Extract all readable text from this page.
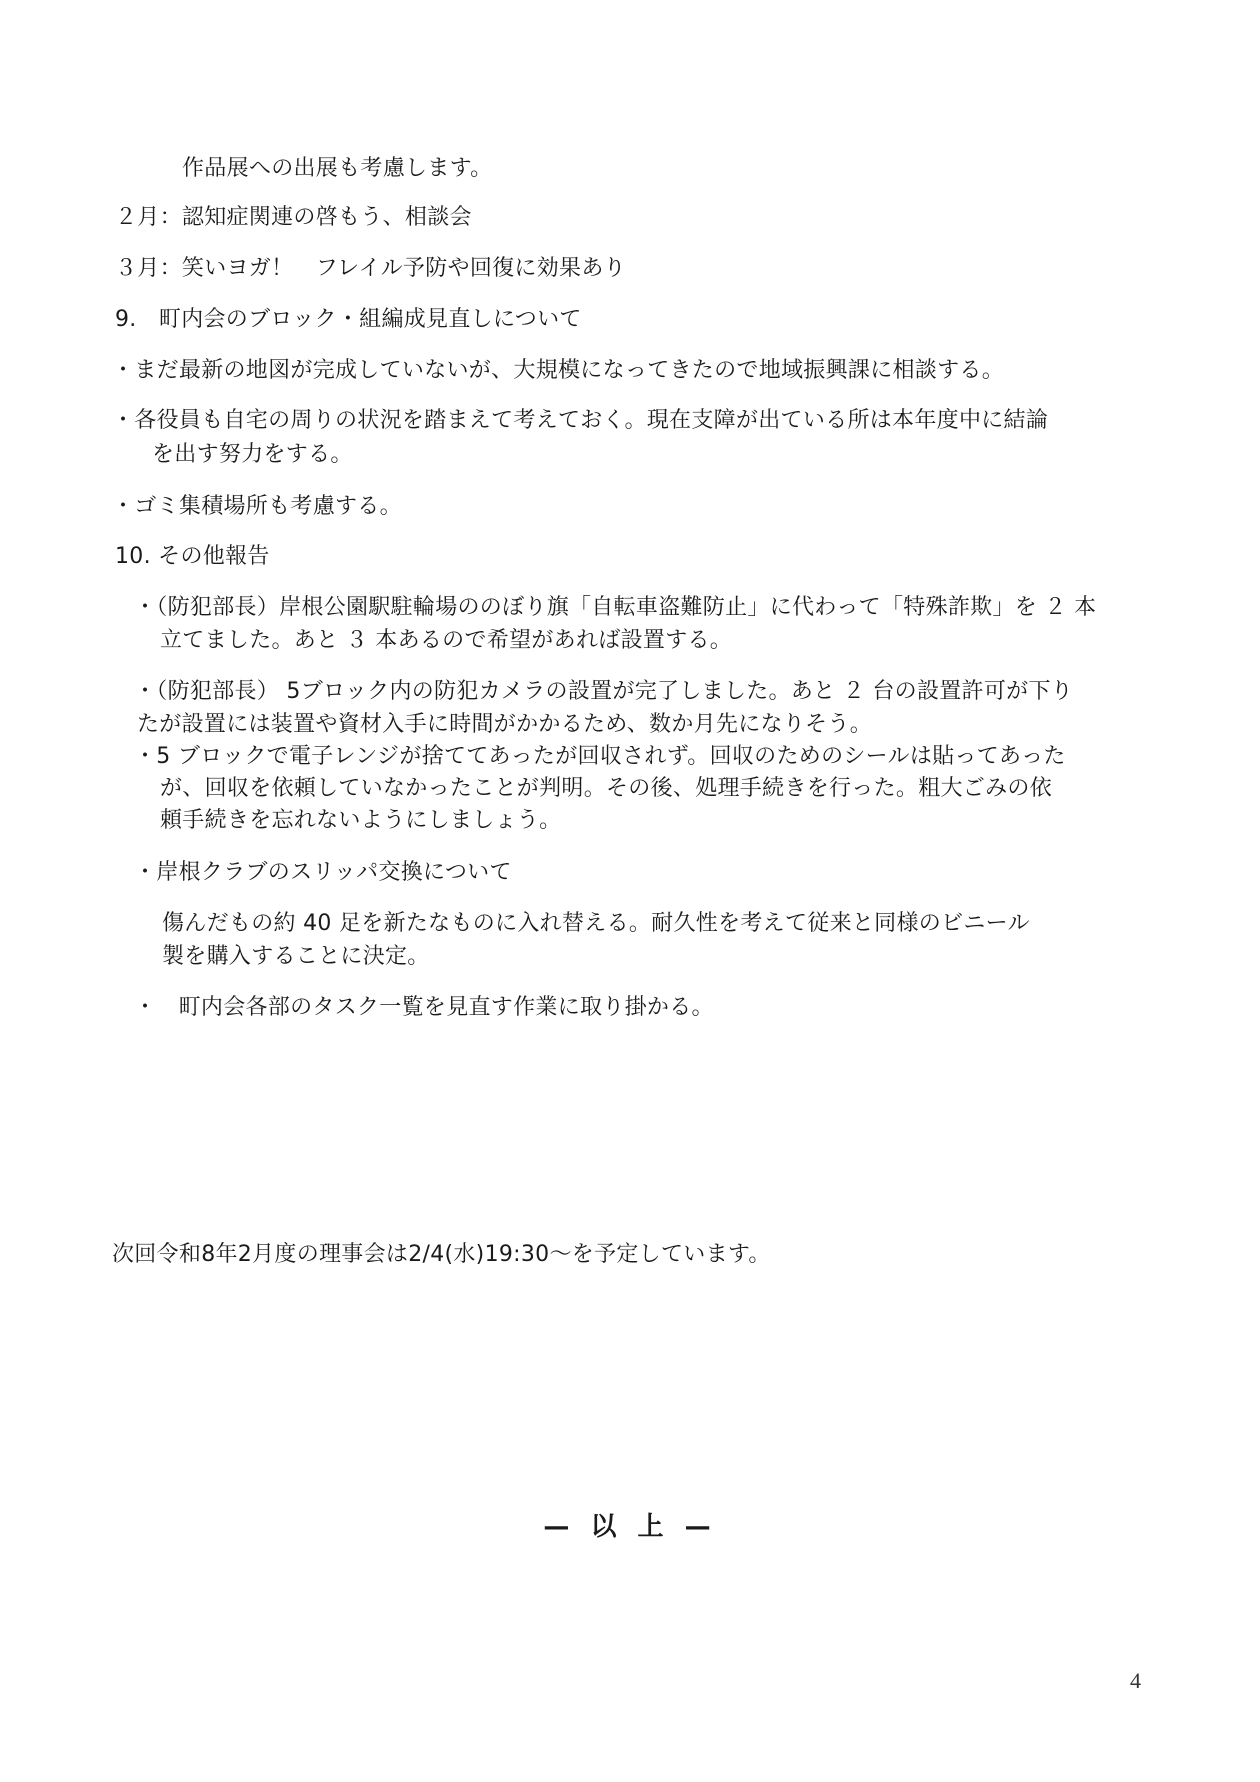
作品展への出展も考慮します。
２月：認知症関連の啓もう、相談会
３月：笑いヨガ！　フレイル予防や回復に効果あり
9.　町内会のブロック・組編成見直しについて
・まだ最新の地図が完成していないが、大規模になってきたので地域振興課に相談する。
・各役員も自宅の周りの状況を踏まえて考えておく。現在支障が出ている所は本年度中に結論
を出す努力をする。
・ゴミ集積場所も考慮する。
10. その他報告
・（防犯部長）岸根公園駅駐輪場ののぼり旗「自転車盗難防止」に代わって「特殊詐欺」を ２ 本
立てました。あと ３ 本あるので希望があれば設置する。
・（防犯部長） 5ブロック内の防犯カメラの設置が完了しました。あと ２ 台の設置許可が下り
たが設置には装置や資材入手に時間がかかるため、数か月先になりそう。
・5 ブロックで電子レンジが捨ててあったが回収されず。回収のためのシールは貼ってあった
が、回収を依頼していなかったことが判明。その後、処理手続きを行った。粗大ごみの依
頼手続きを忘れないようにしましょう。
・岸根クラブのスリッパ交換について
傷んだもの約 40 足を新たなものに入れ替える。耐久性を考えて従来と同様のビニール
製を購入することに決定。
・　町内会各部のタスク一覧を見直す作業に取り掛かる。
次回令和8年2月度の理事会は2/4(水)19:30～を予定しています。
— 以 上 —
4
